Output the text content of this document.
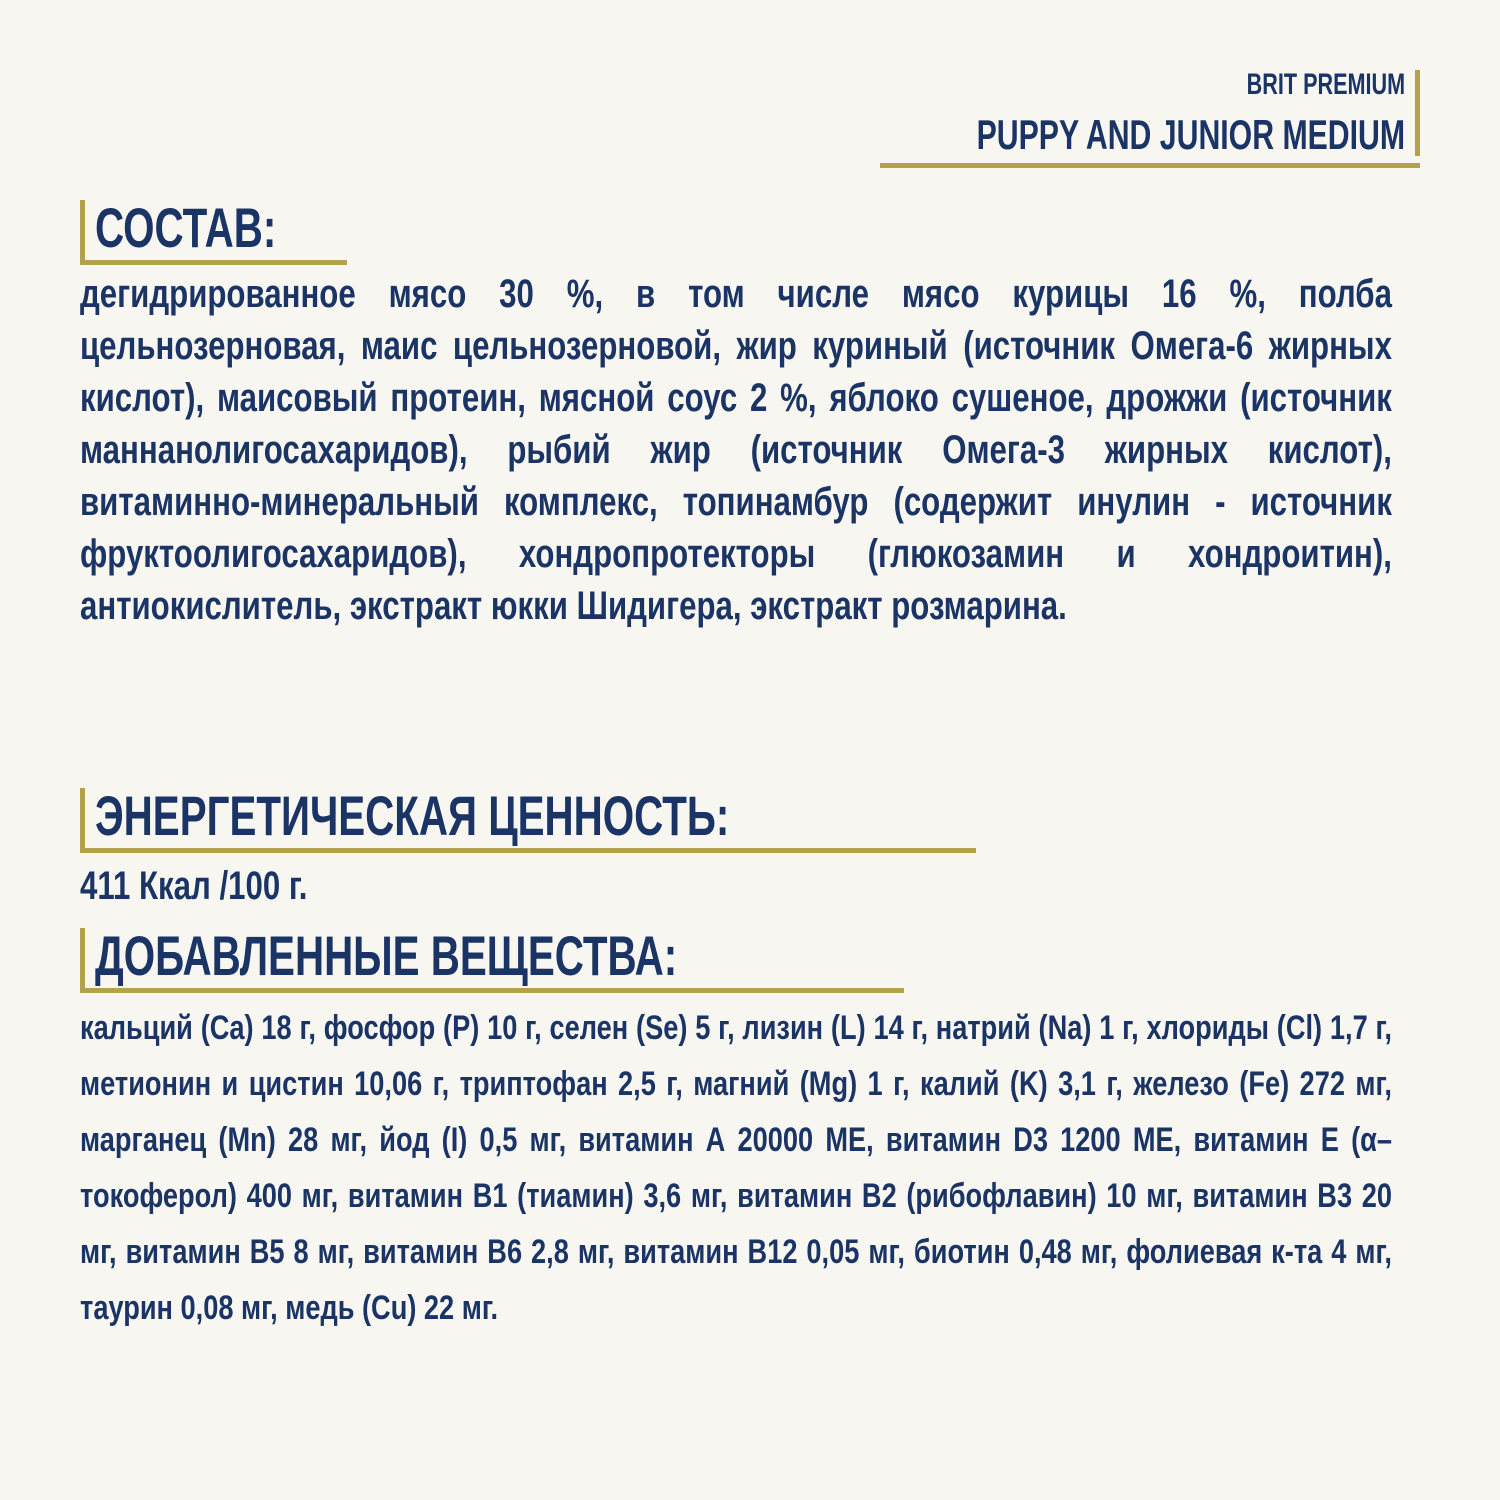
BRIT PREMIUM
PUPPY AND JUNIOR MEDIUM
СОСТАВ:
дегидрированное мясо 30 %, в том числе мясо курицы 16 %, полба цельнозерновая, маис цельнозерновой, жир куриный (источник Омега-6 жирных кислот), маисовый протеин, мясной соус 2 %, яблоко сушеное, дрожжи (источник маннанолигосахаридов), рыбий жир (источник Омега-3 жирных кислот), витаминно-минеральный комплекс, топинамбур (содержит инулин - источник фруктоолигосахаридов), хондропротекторы (глюкозамин и хондроитин), антиокислитель, экстракт юкки Шидигера, экстракт розмарина.
ЭНЕРГЕТИЧЕСКАЯ ЦЕННОСТЬ:
411 Ккал /100 г.
ДОБАВЛЕННЫЕ ВЕЩЕСТВА:
кальций (Ca) 18 г, фосфор (P) 10 г, селен (Se) 5 г, лизин (L) 14 г, натрий (Na) 1 г, хлориды (Cl) 1,7 г, метионин и цистин 10,06 г, триптофан 2,5 г, магний (Mg) 1 г, калий (K) 3,1 г, железо (Fe) 272 мг, марганец (Mn) 28 мг, йод (I) 0,5 мг, витамин А 20000 МЕ, витамин D3 1200 МЕ, витамин Е (α–токоферол) 400 мг, витамин В1 (тиамин) 3,6 мг, витамин В2 (рибофлавин) 10 мг, витамин В3 20 мг, витамин В5 8 мг, витамин В6 2,8 мг, витамин В12 0,05 мг, биотин 0,48 мг, фолиевая к-та 4 мг, таурин 0,08 мг, медь (Cu) 22 мг.
